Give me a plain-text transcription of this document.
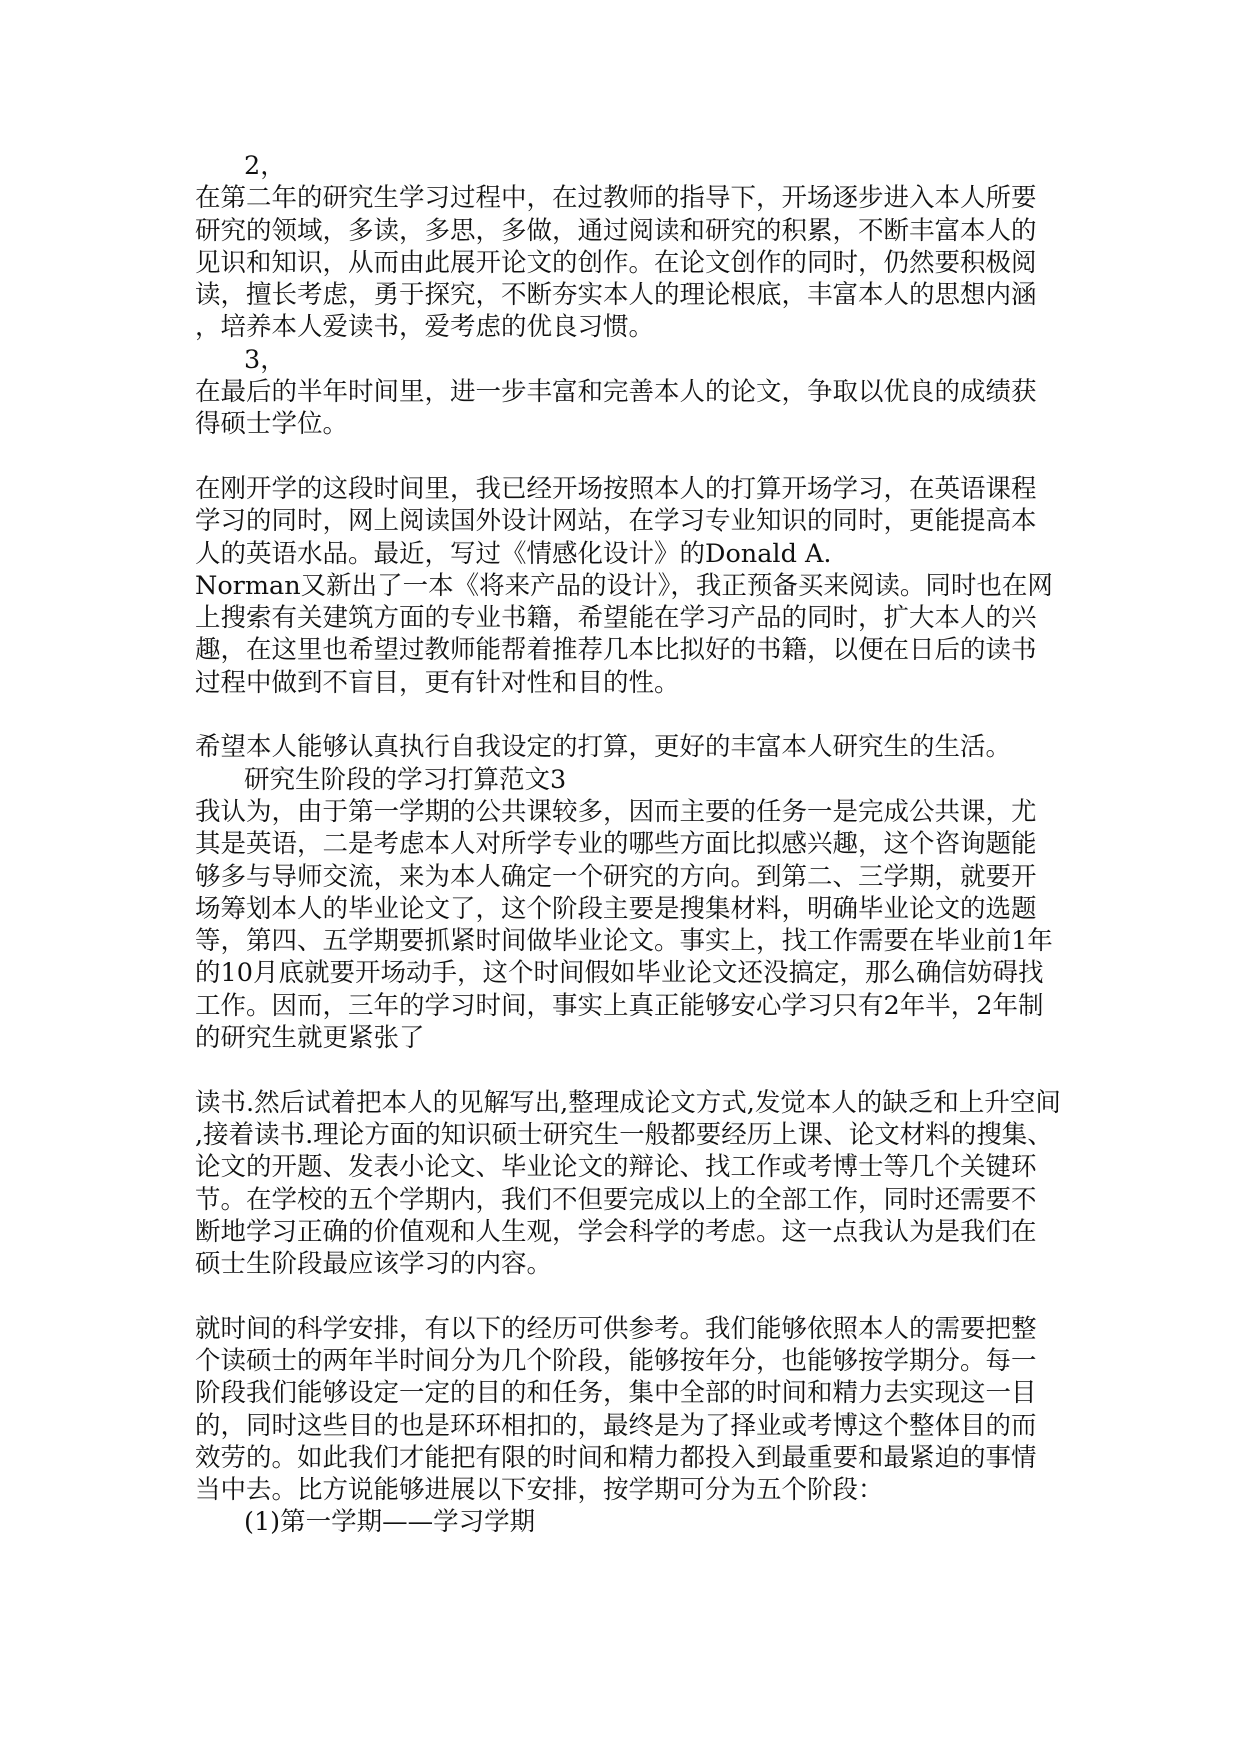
2，
在第二年的研究生学习过程中，在过教师的指导下，开场逐步进入本人所要
研究的领域，多读，多思，多做，通过阅读和研究的积累，不断丰富本人的
见识和知识，从而由此展开论文的创作。在论文创作的同时，仍然要积极阅
读，擅长考虑，勇于探究，不断夯实本人的理论根底，丰富本人的思想内涵
，培养本人爱读书，爱考虑的优良习惯。
3，
在最后的半年时间里，进一步丰富和完善本人的论文，争取以优良的成绩获
得硕士学位。
在刚开学的这段时间里，我已经开场按照本人的打算开场学习，在英语课程
学习的同时，网上阅读国外设计网站，在学习专业知识的同时，更能提高本
人的英语水品。最近，写过《情感化设计》的Donald A.
Norman又新出了一本《将来产品的设计》，我正预备买来阅读。同时也在网
上搜索有关建筑方面的专业书籍，希望能在学习产品的同时，扩大本人的兴
趣，在这里也希望过教师能帮着推荐几本比拟好的书籍，以便在日后的读书
过程中做到不盲目，更有针对性和目的性。
希望本人能够认真执行自我设定的打算，更好的丰富本人研究生的生活。
研究生阶段的学习打算范文3
我认为，由于第一学期的公共课较多，因而主要的任务一是完成公共课，尤
其是英语，二是考虑本人对所学专业的哪些方面比拟感兴趣，这个咨询题能
够多与导师交流，来为本人确定一个研究的方向。到第二、三学期，就要开
场筹划本人的毕业论文了，这个阶段主要是搜集材料，明确毕业论文的选题
等，第四、五学期要抓紧时间做毕业论文。事实上，找工作需要在毕业前1年
的10月底就要开场动手，这个时间假如毕业论文还没搞定，那么确信妨碍找
工作。因而，三年的学习时间，事实上真正能够安心学习只有2年半，2年制
的研究生就更紧张了
读书.然后试着把本人的见解写出,整理成论文方式,发觉本人的缺乏和上升空间
,接着读书.理论方面的知识硕士研究生一般都要经历上课、论文材料的搜集、
论文的开题、发表小论文、毕业论文的辩论、找工作或考博士等几个关键环
节。在学校的五个学期内，我们不但要完成以上的全部工作，同时还需要不
断地学习正确的价值观和人生观，学会科学的考虑。这一点我认为是我们在
硕士生阶段最应该学习的内容。
就时间的科学安排，有以下的经历可供参考。我们能够依照本人的需要把整
个读硕士的两年半时间分为几个阶段，能够按年分，也能够按学期分。每一
阶段我们能够设定一定的目的和任务，集中全部的时间和精力去实现这一目
的，同时这些目的也是环环相扣的，最终是为了择业或考博这个整体目的而
效劳的。如此我们才能把有限的时间和精力都投入到最重要和最紧迫的事情
当中去。比方说能够进展以下安排，按学期可分为五个阶段：
(1)第一学期——学习学期
